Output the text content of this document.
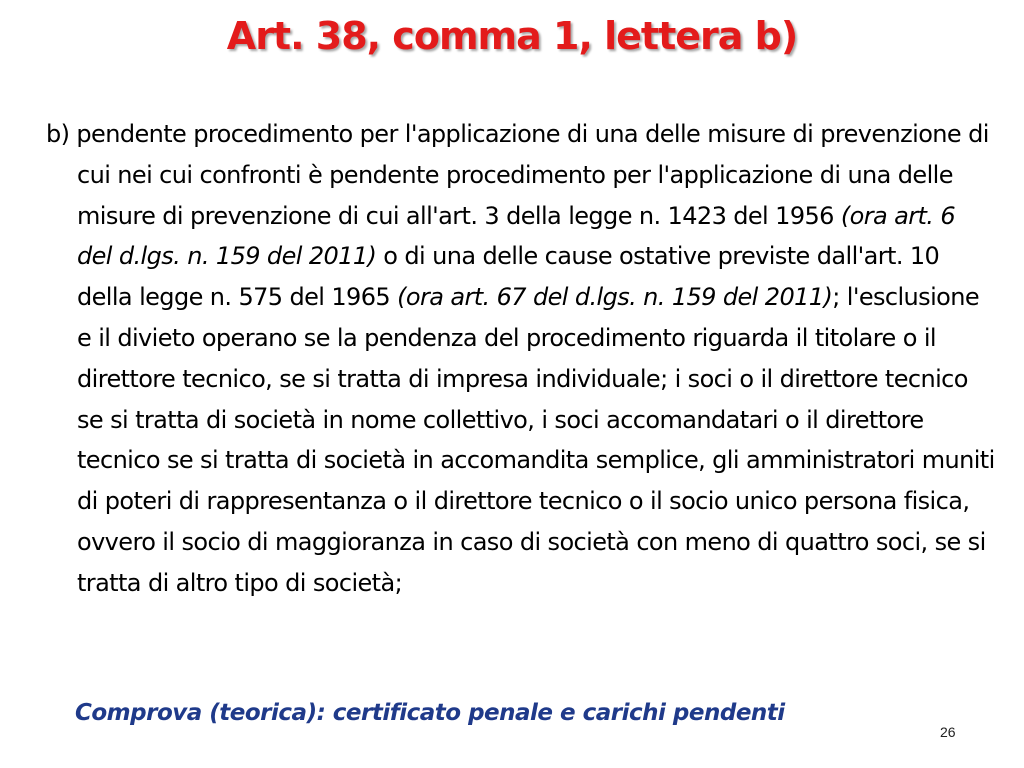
Art. 38, comma 1, lettera b)

b) pendente procedimento per l'applicazione di una delle misure di prevenzione di cui nei cui confronti è pendente procedimento per l'applicazione di una delle misure di prevenzione di cui all'art. 3 della legge n. 1423 del 1956 (ora art. 6 del d.lgs. n. 159 del 2011) o di una delle cause ostative previste dall'art. 10 della legge n. 575 del 1965 (ora art. 67 del d.lgs. n. 159 del 2011); l'esclusione e il divieto operano se la pendenza del procedimento riguarda il titolare o il direttore tecnico, se si tratta di impresa individuale; i soci o il direttore tecnico se si tratta di società in nome collettivo, i soci accomandatari o il direttore tecnico se si tratta di società in accomandita semplice, gli amministratori muniti di poteri di rappresentanza o il direttore tecnico o il socio unico persona fisica, ovvero il socio di maggioranza in caso di società con meno di quattro soci, se si tratta di altro tipo di società;

Comprova (teorica): certificato penale e carichi pendenti

26
